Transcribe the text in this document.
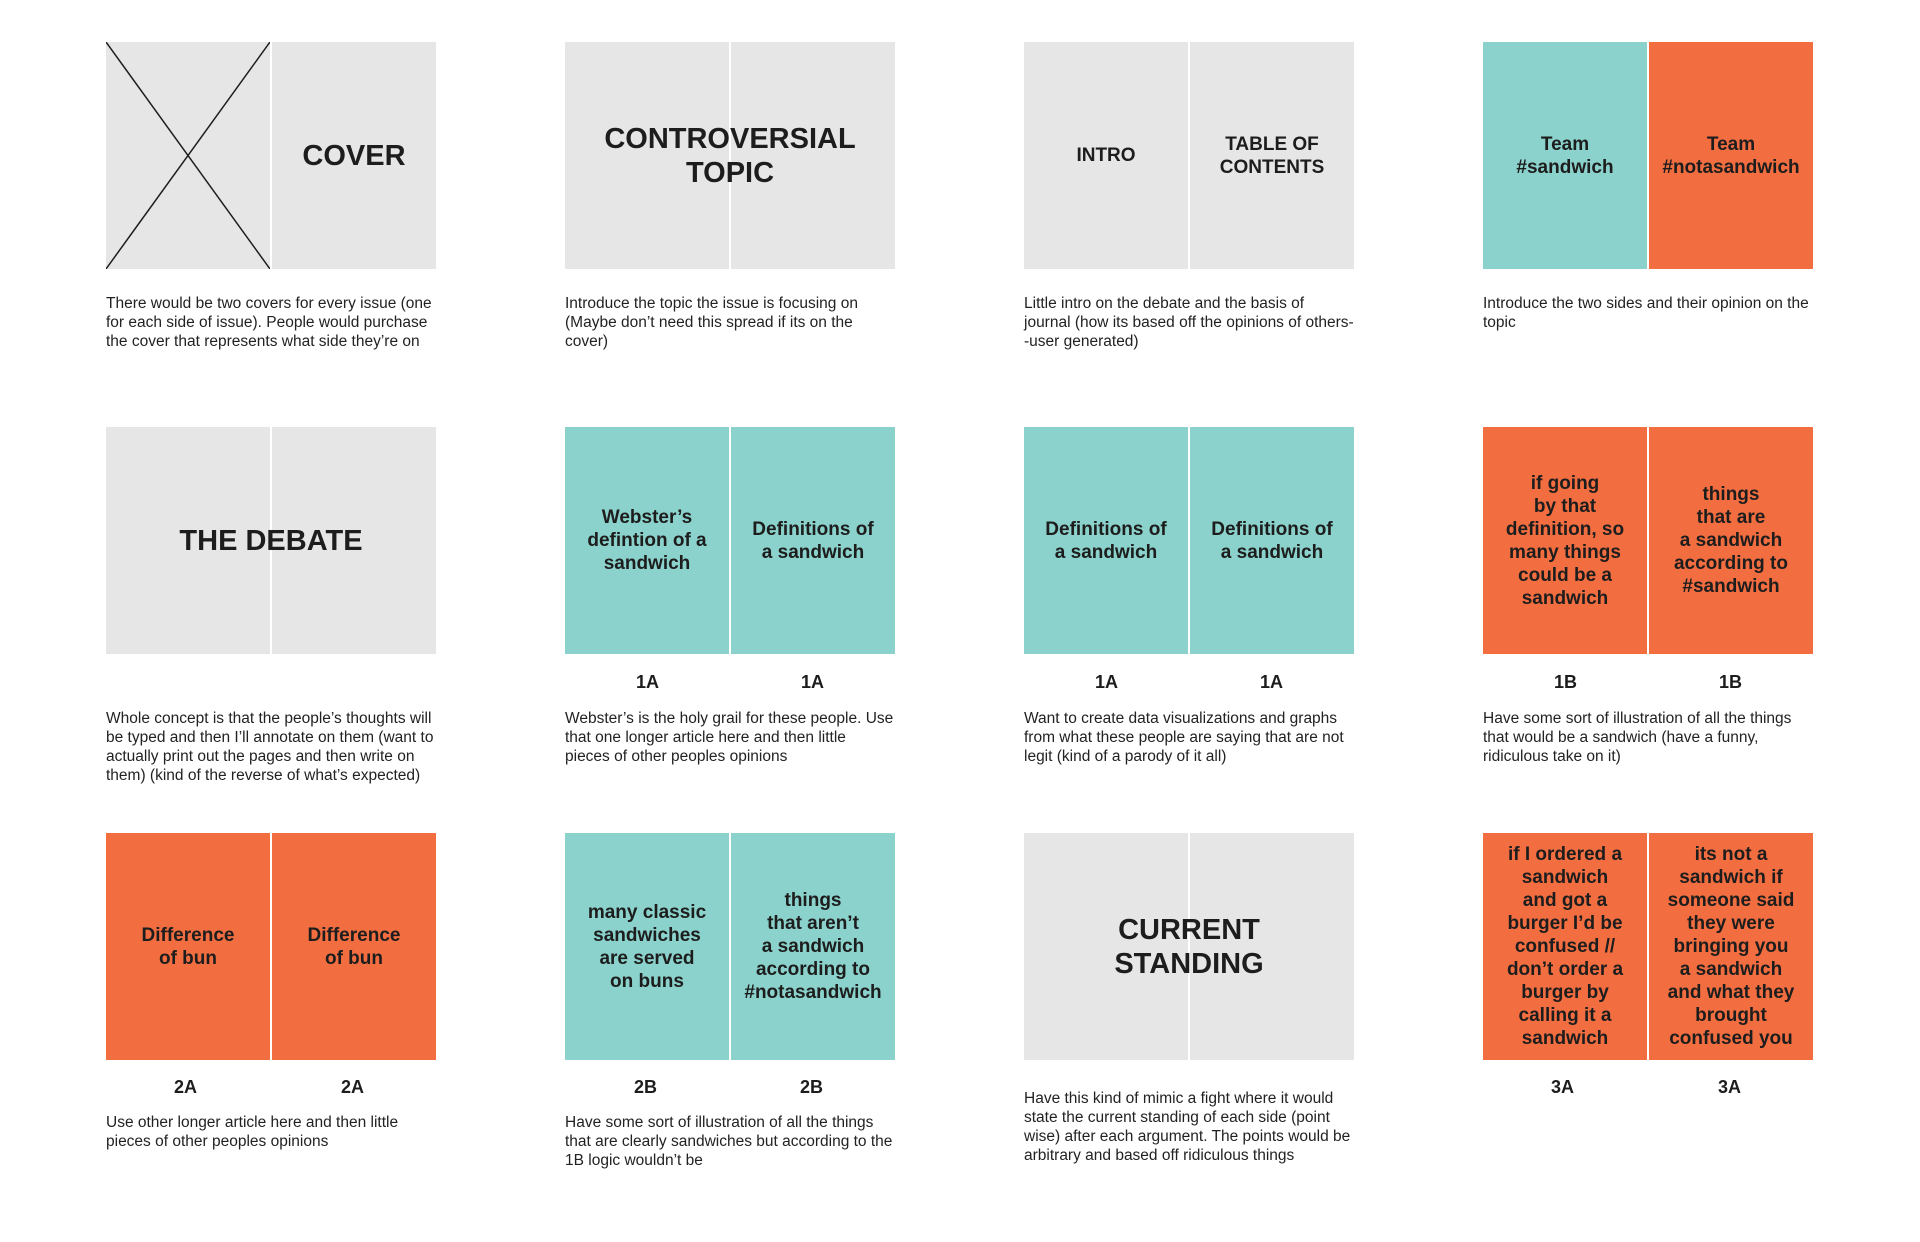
COVER
There would be two covers for every issue (one for each side of issue). People would purchase the cover that represents what side they’re on
CONTROVERSIAL
TOPIC
Introduce the topic the issue is focusing on (Maybe don’t need this spread if its on the cover)
INTRO
TABLE OF
CONTENTS
Little intro on the debate and the basis of journal (how its based off the opinions of others--user generated)
Team
#sandwich
Team
#notasandwich
Introduce the two sides and their opinion on the topic
THE DEBATE
Whole concept is that the people’s thoughts will be typed and then I’ll annotate on them (want to actually print out the pages and then write on them) (kind of the reverse of what’s expected)
Webster’s
defintion of a
sandwich
Definitions of
a sandwich
1A	1A
Webster’s is the holy grail for these people. Use that one longer article here and then little pieces of other peoples opinions
Definitions of
a sandwich
Definitions of
a sandwich
1A	1A
Want to create data visualizations and graphs from what these people are saying that are not legit (kind of a parody of it all)
if going
by that
definition, so
many things
could be a
sandwich
things
that are
a sandwich
according to
#sandwich
1B	1B
Have some sort of illustration of all the things that would be a sandwich (have a funny, ridiculous take on it)
Difference
of bun
Difference
of bun
2A	2A
Use other longer article here and then little pieces of other peoples opinions
many classic
sandwiches
are served
on buns
things
that aren’t
a sandwich
according to
#notasandwich
2B	2B
Have some sort of illustration of all the things that are clearly sandwiches but according to the 1B logic wouldn’t be
CURRENT
STANDING
Have this kind of mimic a fight where it would state the current standing of each side (point wise) after each argument. The points would be arbitrary and based off ridiculous things
if I ordered a
sandwich
and got a
burger I’d be
confused //
don’t order a
burger by
calling it a
sandwich
its not a
sandwich if
someone said
they were
bringing you
a sandwich
and what they
brought
confused you
3A	3A
